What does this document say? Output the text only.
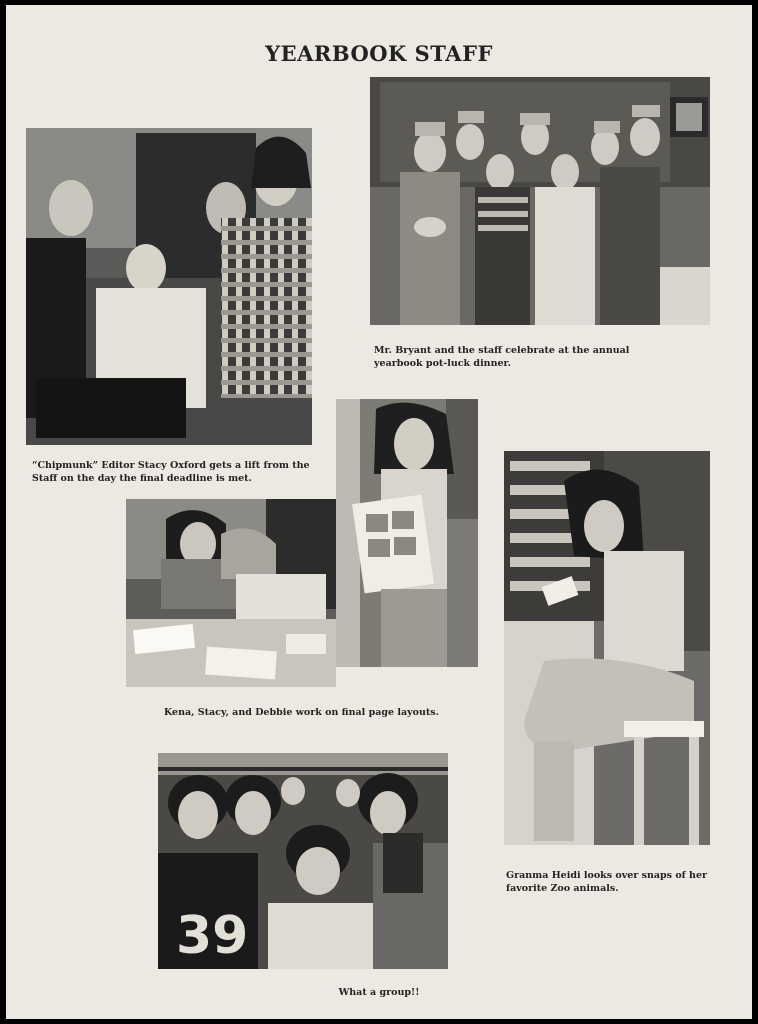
YEARBOOK STAFF
“Chipmunk” Editor Stacy Oxford gets a lift from the Staff on the day the final deadline is met.
Mr. Bryant and the staff celebrate at the annual yearbook pot-luck dinner.
Kena, Stacy, and Debbie work on final page layouts.
Granma Heidi looks over snaps of her favorite Zoo animals.
39
What a group!!
